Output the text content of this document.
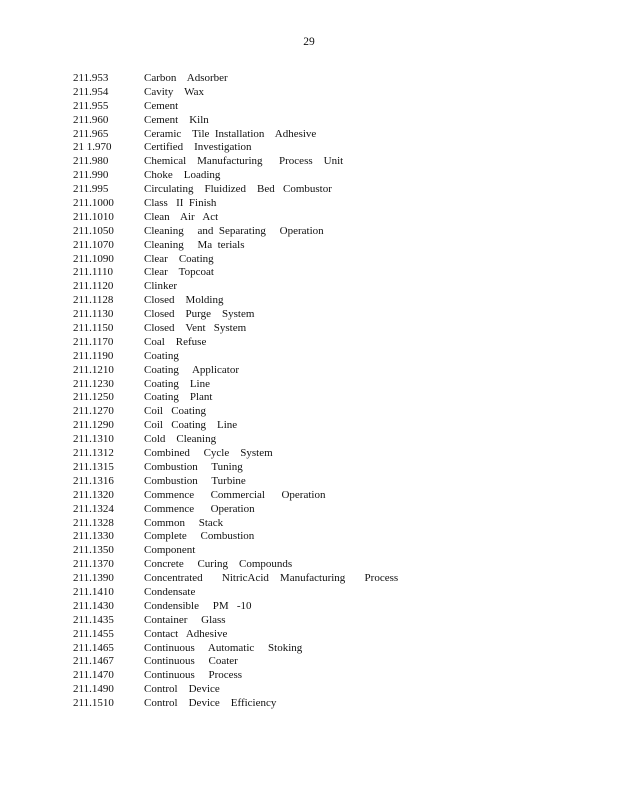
29
211.953	Carbon    Adsorber
211.954	Cavity    Wax
211.955	Cement
211.960	Cement    Kiln
211.965	Ceramic    Tile  Installation    Adhesive
21 1.970	Certified    Investigation
211.980	Chemical    Manufacturing      Process    Unit
211.990	Choke    Loading
211.995	Circulating    Fluidized    Bed   Combustor
211.1000	Class   II  Finish
211.1010	Clean    Air   Act
211.1050	Cleaning     and  Separating     Operation
211.1070	Cleaning     Ma  terials
211.1090	Clear    Coating
211.1110	Clear    Topcoat
211.1120	Clinker
211.1128	Closed    Molding
211.1130	Closed    Purge    System
211.1150	Closed    Vent   System
211.1170	Coal    Refuse
211.1190	Coating
211.1210	Coating     Applicator
211.1230	Coating    Line
211.1250	Coating    Plant
211.1270	Coil   Coating
211.1290	Coil   Coating    Line
211.1310	Cold    Cleaning
211.1312	Combined     Cycle    System
211.1315	Combustion     Tuning
211.1316	Combustion     Turbine
211.1320	Commence      Commercial      Operation
211.1324	Commence      Operation
211.1328	Common     Stack
211.1330	Complete     Combustion
211.1350	Component
211.1370	Concrete     Curing    Compounds
211.1390	Concentrated       NitricAcid    Manufacturing       Process
211.1410	Condensate
211.1430	Condensible     PM   -10
211.1435	Container     Glass
211.1455	Contact   Adhesive
211.1465	Continuous     Automatic     Stoking
211.1467	Continuous     Coater
211.1470	Continuous     Process
211.1490	Control    Device
211.1510	Control    Device    Efficiency
